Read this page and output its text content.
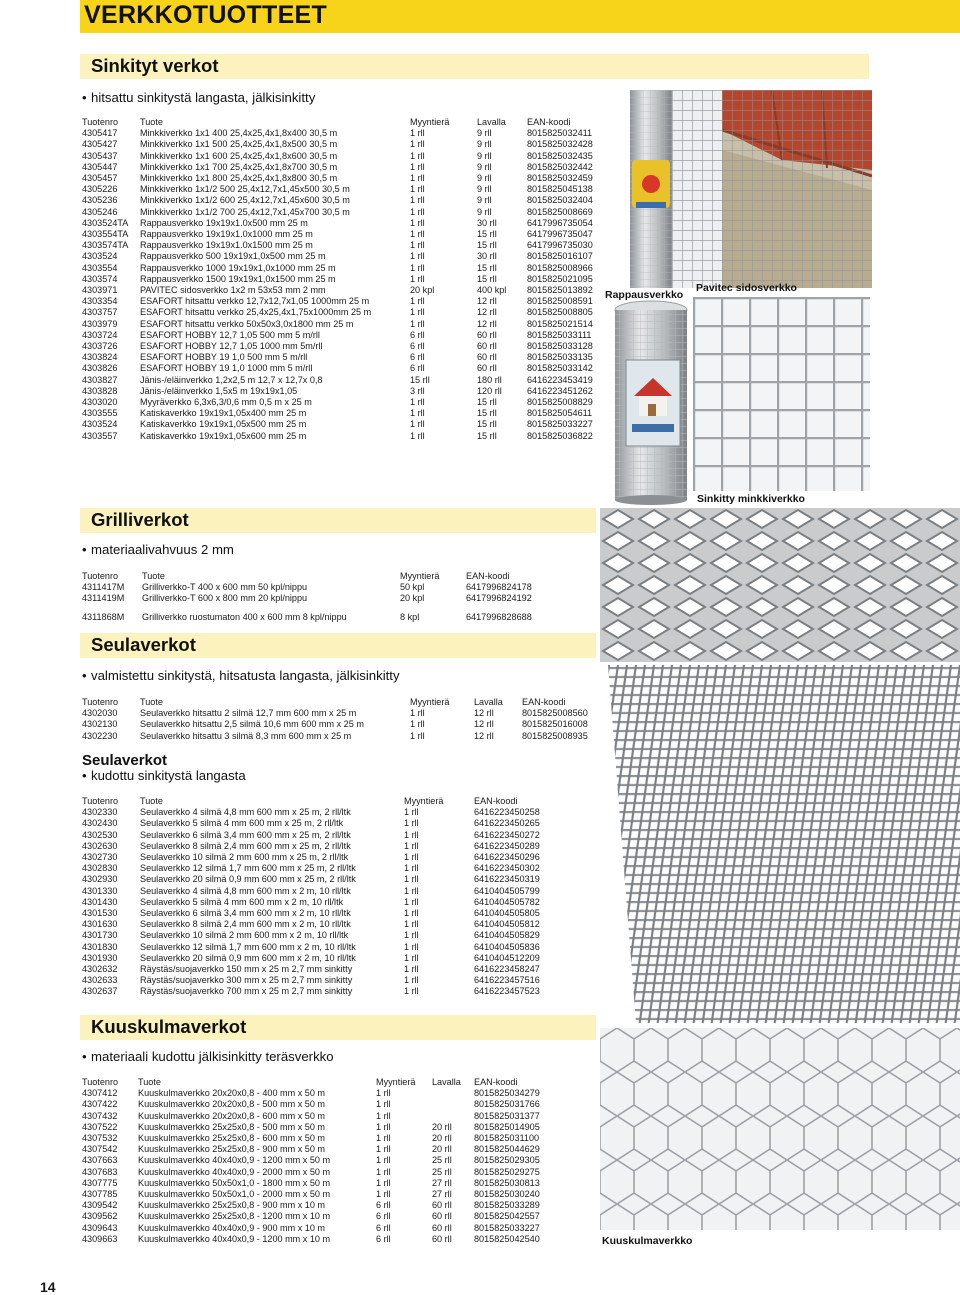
VERKKOTUOTTEET
Sinkityt verkot
• hitsattu sinkitystä langasta, jälkisinkitty
Tuotenro	Tuote	Myyntierä	Lavalla	EAN-koodi
4305417	Minkkiverkko 1x1 400 25,4x25,4x1,8x400 30,5 m	1 rll	9 rll	8015825032411
4305427	Minkkiverkko 1x1 500 25,4x25,4x1,8x500 30,5 m	1 rll	9 rll	8015825032428
4305437	Minkkiverkko 1x1 600 25,4x25,4x1,8x600 30,5 m	1 rll	9 rll	8015825032435
4305447	Minkkiverkko 1x1 700 25,4x25,4x1,8x700 30,5 m	1 rll	9 rll	8015825032442
4305457	Minkkiverkko 1x1 800 25,4x25,4x1,8x800 30,5 m	1 rll	9 rll	8015825032459
4305226	Minkkiverkko 1x1/2 500 25,4x12,7x1,45x500 30,5 m	1 rll	9 rll	8015825045138
4305236	Minkkiverkko 1x1/2 600 25,4x12,7x1,45x600 30,5 m	1 rll	9 rll	8015825032404
4305246	Minkkiverkko 1x1/2 700 25,4x12,7x1,45x700 30,5 m	1 rll	9 rll	8015825008669
4303524TA	Rappausverkko 19x19x1.0x500 mm 25 m	1 rll	30 rll	6417996735054
4303554TA	Rappausverkko 19x19x1.0x1000 mm 25 m	1 rll	15 rll	6417996735047
4303574TA	Rappausverkko 19x19x1.0x1500 mm 25 m	1 rll	15 rll	6417996735030
4303524	Rappausverkko 500 19x19x1,0x500 mm 25 m	1 rll	30 rll	8015825016107
4303554	Rappausverkko 1000 19x19x1,0x1000 mm 25 m	1 rll	15 rll	8015825008966
4303574	Rappausverkko 1500 19x19x1,0x1500 mm 25 m	1 rll	15 rll	8015825021095
4303971	PAVITEC sidosverkko 1x2 m 53x53 mm 2 mm	20 kpl	400 kpl	8015825013892
4303354	ESAFORT hitsattu verkko 12,7x12,7x1,05 1000mm 25 m	1 rll	12 rll	8015825008591
4303757	ESAFORT hitsattu verkko 25,4x25,4x1,75x1000mm 25 m	1 rll	12 rll	8015825008805
4303979	ESAFORT hitsattu verkko 50x50x3,0x1800 mm 25 m	1 rll	12 rll	8015825021514
4303724	ESAFORT HOBBY 12,7 1,05 500 mm 5 m/rll	6 rll	60 rll	8015825033111
4303726	ESAFORT HOBBY 12,7 1,05 1000 mm 5m/rll	6 rll	60 rll	8015825033128
4303824	ESAFORT HOBBY 19 1,0 500 mm 5 m/rll	6 rll	60 rll	8015825033135
4303826	ESAFORT HOBBY 19 1,0 1000 mm 5 m/rll	6 rll	60 rll	8015825033142
4303827	Jänis-/eläinverkko 1,2x2,5 m 12,7 x 12,7x 0,8	15 rll	180 rll	6416223453419
4303828	Jänis-/eläinverkko 1,5x5 m 19x19x1,05	3 rll	120 rll	6416223451262
4303020	Myyräverkko 6,3x6,3/0,6 mm 0,5 m x 25 m	1 rll	15 rll	8015825008829
4303555	Katiskaverkko 19x19x1,05x400 mm 25 m	1 rll	15 rll	8015825054611
4303524	Katiskaverkko 19x19x1,05x500 mm 25 m	1 rll	15 rll	8015825033227
4303557	Katiskaverkko 19x19x1,05x600 mm 25 m	1 rll	15 rll	8015825036822
Rappausverkko
Pavitec sidosverkko
Sinkitty minkkiverkko
Grilliverkot
• materiaalivahvuus 2 mm
Tuotenro	Tuote	Myyntierä	EAN-koodi
4311417M	Grilliverkko-T 400 x 600 mm 50 kpl/nippu	50 kpl	6417996824178
4311419M	Grilliverkko-T 600 x 800 mm 20 kpl/nippu	20 kpl	6417996824192
4311868M	Grilliverkko ruostumaton 400 x 600 mm 8 kpl/nippu	8 kpl	6417996828688
Seulaverkot
• valmistettu sinkitystä, hitsatusta langasta, jälkisinkitty
Tuotenro	Tuote	Myyntierä	Lavalla	EAN-koodi
4302030	Seulaverkko hitsattu 2 silmä 12,7 mm 600 mm x 25 m	1 rll	12 rll	8015825008560
4302130	Seulaverkko hitsattu 2,5 silmä 10,6 mm 600 mm x 25 m	1 rll	12 rll	8015825016008
4302230	Seulaverkko hitsattu 3 silmä 8,3 mm 600 mm x 25 m	1 rll	12 rll	8015825008935
Seulaverkot
• kudottu sinkitystä langasta
Tuotenro	Tuote	Myyntierä	EAN-koodi
4302330	Seulaverkko 4 silmä 4,8 mm 600 mm x 25 m, 2 rll/ltk	1 rll	6416223450258
4302430	Seulaverkko 5 silmä 4 mm 600 mm x 25 m, 2 rll/ltk	1 rll	6416223450265
4302530	Seulaverkko 6 silmä 3,4 mm 600 mm x 25 m, 2 rll/ltk	1 rll	6416223450272
4302630	Seulaverkko 8 silmä 2,4 mm 600 mm x 25 m, 2 rll/ltk	1 rll	6416223450289
4302730	Seulaverkko 10 silmä 2 mm 600 mm x 25 m, 2 rll/ltk	1 rll	6416223450296
4302830	Seulaverkko 12 silmä 1,7 mm 600 mm x 25 m, 2 rll/ltk	1 rll	6416223450302
4302930	Seulaverkko 20 silmä 0,9 mm 600 mm x 25 m, 2 rll/ltk	1 rll	6416223450319
4301330	Seulaverkko 4 silmä 4,8 mm 600 mm x 2 m, 10 rll/ltk	1 rll	6410404505799
4301430	Seulaverkko 5 silmä 4 mm 600 mm x 2 m, 10 rll/ltk	1 rll	6410404505782
4301530	Seulaverkko 6 silmä 3,4 mm 600 mm x 2 m, 10 rll/ltk	1 rll	6410404505805
4301630	Seulaverkko 8 silmä 2,4 mm 600 mm x 2 m, 10 rll/ltk	1 rll	6410404505812
4301730	Seulaverkko 10 silmä 2 mm 600 mm x 2 m, 10 rll/ltk	1 rll	6410404505829
4301830	Seulaverkko 12 silmä 1,7 mm 600 mm x 2 m, 10 rll/ltk	1 rll	6410404505836
4301930	Seulaverkko 20 silmä 0,9 mm 600 mm x 2 m, 10 rll/ltk	1 rll	6410404512209
4302632	Räystäs/suojaverkko 150 mm x 25 m 2,7 mm sinkitty	1 rll	6416223458247
4302633	Räystäs/suojaverkko 300 mm x 25 m 2,7 mm sinkitty	1 rll	6416223457516
4302637	Räystäs/suojaverkko 700 mm x 25 m 2,7 mm sinkitty	1 rll	6416223457523
Kuuskulmaverkot
• materiaali kudottu jälkisinkitty teräsverkko
Tuotenro	Tuote	Myyntierä	Lavalla	EAN-koodi
4307412	Kuuskulmaverkko 20x20x0,8 - 400 mm x 50 m	1 rll		8015825034279
4307422	Kuuskulmaverkko 20x20x0,8 - 500 mm x 50 m	1 rll		8015825031766
4307432	Kuuskulmaverkko 20x20x0,8 - 600 mm x 50 m	1 rll		8015825031377
4307522	Kuuskulmaverkko 25x25x0,8 - 500 mm x 50 m	1 rll	20 rll	8015825014905
4307532	Kuuskulmaverkko 25x25x0,8 - 600 mm x 50 m	1 rll	20 rll	8015825031100
4307542	Kuuskulmaverkko 25x25x0,8 - 900 mm x 50 m	1 rll	20 rll	8015825044629
4307663	Kuuskulmaverkko 40x40x0,9 - 1200 mm x 50 m	1 rll	25 rll	8015825029305
4307683	Kuuskulmaverkko 40x40x0,9 - 2000 mm x 50 m	1 rll	25 rll	8015825029275
4307775	Kuuskulmaverkko 50x50x1,0 - 1800 mm x 50 m	1 rll	27 rll	8015825030813
4307785	Kuuskulmaverkko 50x50x1,0 - 2000 mm x 50 m	1 rll	27 rll	8015825030240
4309542	Kuuskulmaverkko 25x25x0,8 - 900 mm x 10 m	6 rll	60 rll	8015825033289
4309562	Kuuskulmaverkko 25x25x0,8 - 1200 mm x 10 m	6 rll	60 rll	8015825042557
4309643	Kuuskulmaverkko 40x40x0,9 - 900 mm x 10 m	6 rll	60 rll	8015825033227
4309663	Kuuskulmaverkko 40x40x0,9 - 1200 mm x 10 m	6 rll	60 rll	8015825042540	Kuuskulmaverkko
14
